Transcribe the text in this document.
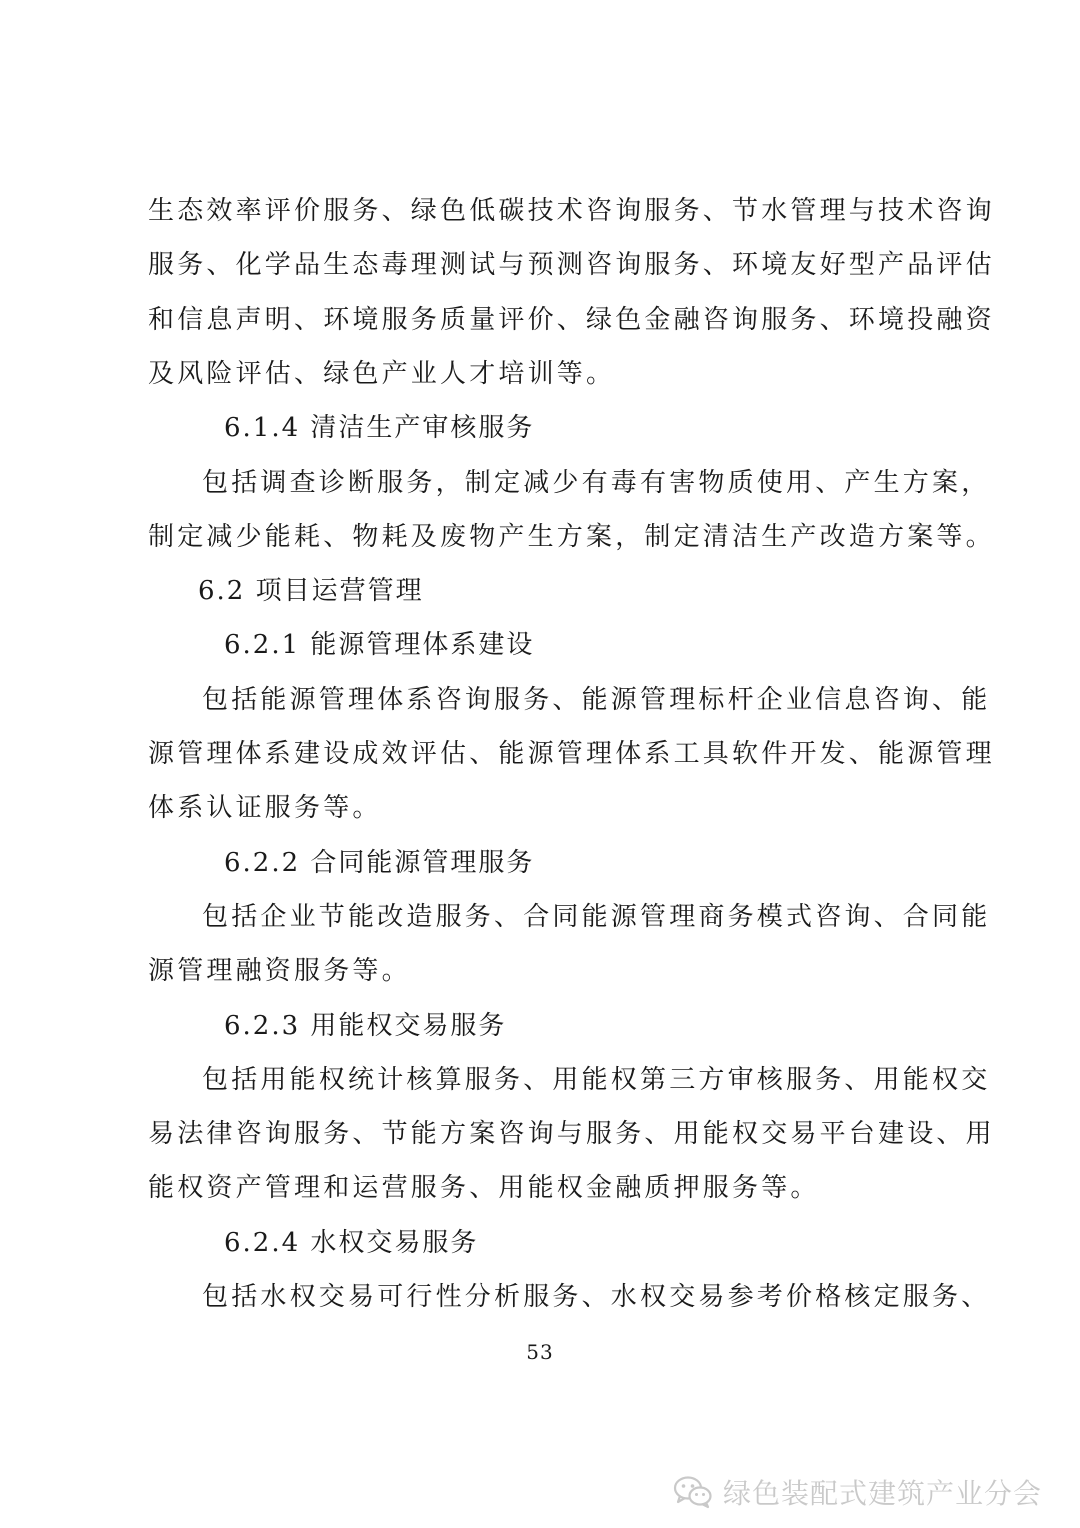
生态效率评价服务、绿色低碳技术咨询服务、节水管理与技术咨询
服务、化学品生态毒理测试与预测咨询服务、环境友好型产品评估
和信息声明、环境服务质量评价、绿色金融咨询服务、环境投融资
及风险评估、绿色产业人才培训等。
6.1.4 清洁生产审核服务
包括调查诊断服务，制定减少有毒有害物质使用、产生方案，
制定减少能耗、物耗及废物产生方案，制定清洁生产改造方案等。
6.2 项目运营管理
6.2.1 能源管理体系建设
包括能源管理体系咨询服务、能源管理标杆企业信息咨询、能
源管理体系建设成效评估、能源管理体系工具软件开发、能源管理
体系认证服务等。
6.2.2 合同能源管理服务
包括企业节能改造服务、合同能源管理商务模式咨询、合同能
源管理融资服务等。
6.2.3 用能权交易服务
包括用能权统计核算服务、用能权第三方审核服务、用能权交
易法律咨询服务、节能方案咨询与服务、用能权交易平台建设、用
能权资产管理和运营服务、用能权金融质押服务等。
6.2.4 水权交易服务
包括水权交易可行性分析服务、水权交易参考价格核定服务、
53
绿色装配式建筑产业分会
